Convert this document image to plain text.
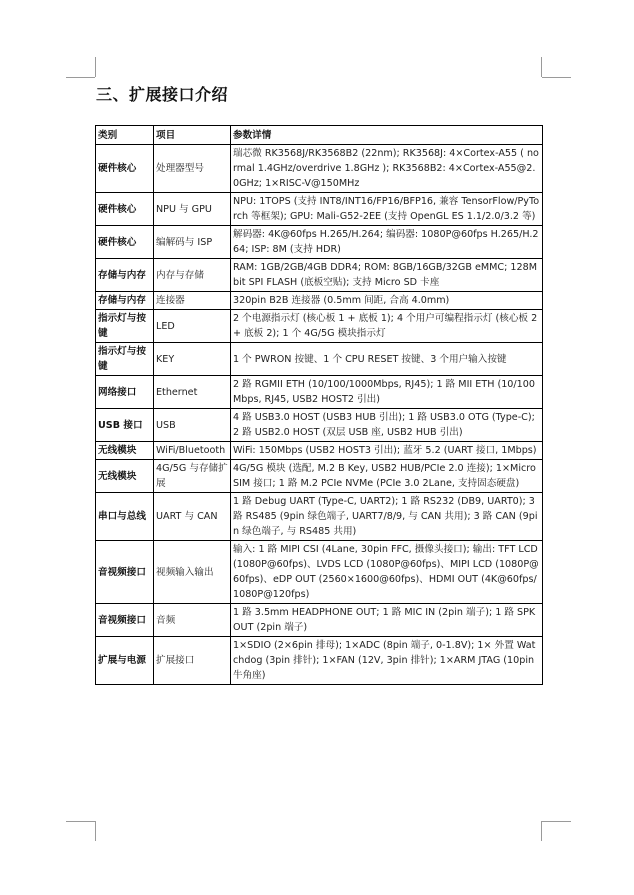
三、扩展接口介绍
类别	项目	参数详情
硬件核心	处理器型号	瑞芯微 RK3568J/RK3568B2 (22nm); RK3568J: 4×Cortex-A55 ( normal 1.4GHz/overdrive 1.8GHz ); RK3568B2: 4×Cortex-A55@2.0GHz; 1×RISC-V@150MHz
硬件核心	NPU 与 GPU	NPU: 1TOPS (支持 INT8/INT16/FP16/BFP16, 兼容 TensorFlow/PyTorch 等框架); GPU: Mali-G52-2EE (支持 OpenGL ES 1.1/2.0/3.2 等)
硬件核心	编解码与 ISP	解码器: 4K@60fps H.265/H.264; 编码器: 1080P@60fps H.265/H.264; ISP: 8M (支持 HDR)
存储与内存	内存与存储	RAM: 1GB/2GB/4GB DDR4; ROM: 8GB/16GB/32GB eMMC; 128Mbit SPI FLASH (底板空贴); 支持 Micro SD 卡座
存储与内存	连接器	320pin B2B 连接器 (0.5mm 间距, 合高 4.0mm)
指示灯与按键	LED	2 个电源指示灯 (核心板 1 + 底板 1); 4 个用户可编程指示灯 (核心板 2 + 底板 2); 1 个 4G/5G 模块指示灯
指示灯与按键	KEY	1 个 PWRON 按键、1 个 CPU RESET 按键、3 个用户输入按键
网络接口	Ethernet	2 路 RGMII ETH (10/100/1000Mbps, RJ45); 1 路 MII ETH (10/100Mbps, RJ45, USB2 HOST2 引出)
USB 接口	USB	4 路 USB3.0 HOST (USB3 HUB 引出); 1 路 USB3.0 OTG (Type-C); 2 路 USB2.0 HOST (双层 USB 座, USB2 HUB 引出)
无线模块	WiFi/Bluetooth	WiFi: 150Mbps (USB2 HOST3 引出); 蓝牙 5.2 (UART 接口, 1Mbps)
无线模块	4G/5G 与存储扩展	4G/5G 模块 (选配, M.2 B Key, USB2 HUB/PCIe 2.0 连接); 1×Micro SIM 接口; 1 路 M.2 PCIe NVMe (PCIe 3.0 2Lane, 支持固态硬盘)
串口与总线	UART 与 CAN	1 路 Debug UART (Type-C, UART2); 1 路 RS232 (DB9, UART0); 3 路 RS485 (9pin 绿色端子, UART7/8/9, 与 CAN 共用); 3 路 CAN (9pin 绿色端子, 与 RS485 共用)
音视频接口	视频输入输出	输入: 1 路 MIPI CSI (4Lane, 30pin FFC, 摄像头接口); 输出: TFT LCD (1080P@60fps)、LVDS LCD (1080P@60fps)、MIPI LCD (1080P@60fps)、eDP OUT (2560×1600@60fps)、HDMI OUT (4K@60fps/1080P@120fps)
音视频接口	音频	1 路 3.5mm HEADPHONE OUT; 1 路 MIC IN (2pin 端子); 1 路 SPK OUT (2pin 端子)
扩展与电源	扩展接口	1×SDIO (2×6pin 排母); 1×ADC (8pin 端子, 0-1.8V); 1× 外置 Watchdog (3pin 排针); 1×FAN (12V, 3pin 排针); 1×ARM JTAG (10pin 牛角座)
